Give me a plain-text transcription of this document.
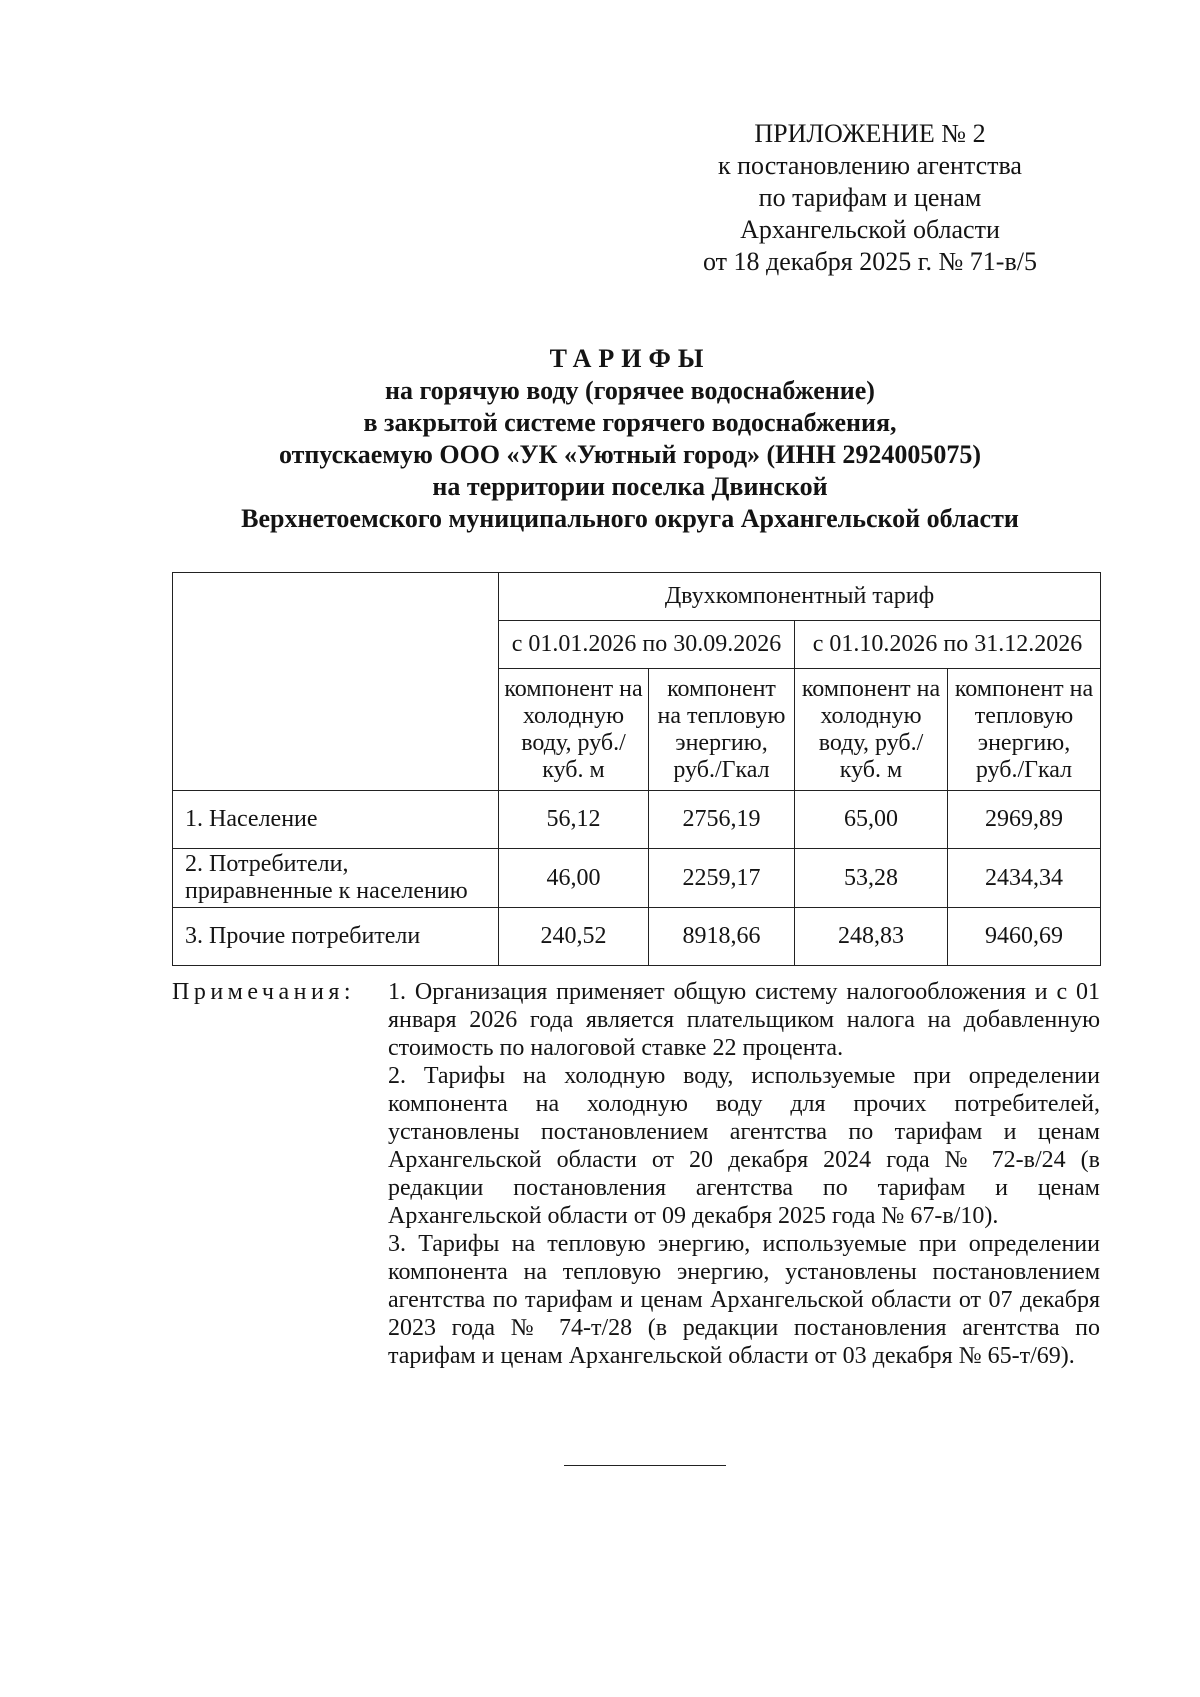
ПРИЛОЖЕНИЕ № 2
к постановлению агентства
по тарифам и ценам
Архангельской области
от 18 декабря 2025 г. № 71-в/5
ТАРИФЫ
на горячую воду (горячее водоснабжение)
в закрытой системе горячего водоснабжения,
отпускаемую ООО «УК «Уютный город» (ИНН 2924005075)
на территории поселка Двинской
Верхнетоемского муниципального округа Архангельской области
	Двухкомпонентный тариф			
	с 01.01.2026 по 30.09.2026		с 01.10.2026 по 31.12.2026	
	компонент на холодную воду, руб./куб. м	компонент на тепловую энергию, руб./Гкал	компонент на холодную воду, руб./куб. м	компонент на тепловую энергию, руб./Гкал
1. Население	56,12	2756,19	65,00	2969,89
2. Потребители, приравненные к населению	46,00	2259,17	53,28	2434,34
3. Прочие потребители	240,52	8918,66	248,83	9460,69
Примечания: 1. Организация применяет общую систему налогообложения и с 01 января 2026 года является плательщиком налога на добавленную стоимость по налоговой ставке 22 процента.
2. Тарифы на холодную воду, используемые при определении компонента на холодную воду для прочих потребителей, установлены постановлением агентства по тарифам и ценам Архангельской области от 20 декабря 2024 года № 72-в/24 (в редакции постановления агентства по тарифам и ценам Архангельской области от 09 декабря 2025 года № 67-в/10).
3. Тарифы на тепловую энергию, используемые при определении компонента на тепловую энергию, установлены постановлением агентства по тарифам и ценам Архангельской области от 07 декабря 2023 года № 74-т/28 (в редакции постановления агентства по тарифам и ценам Архангельской области от 03 декабря № 65-т/69).
